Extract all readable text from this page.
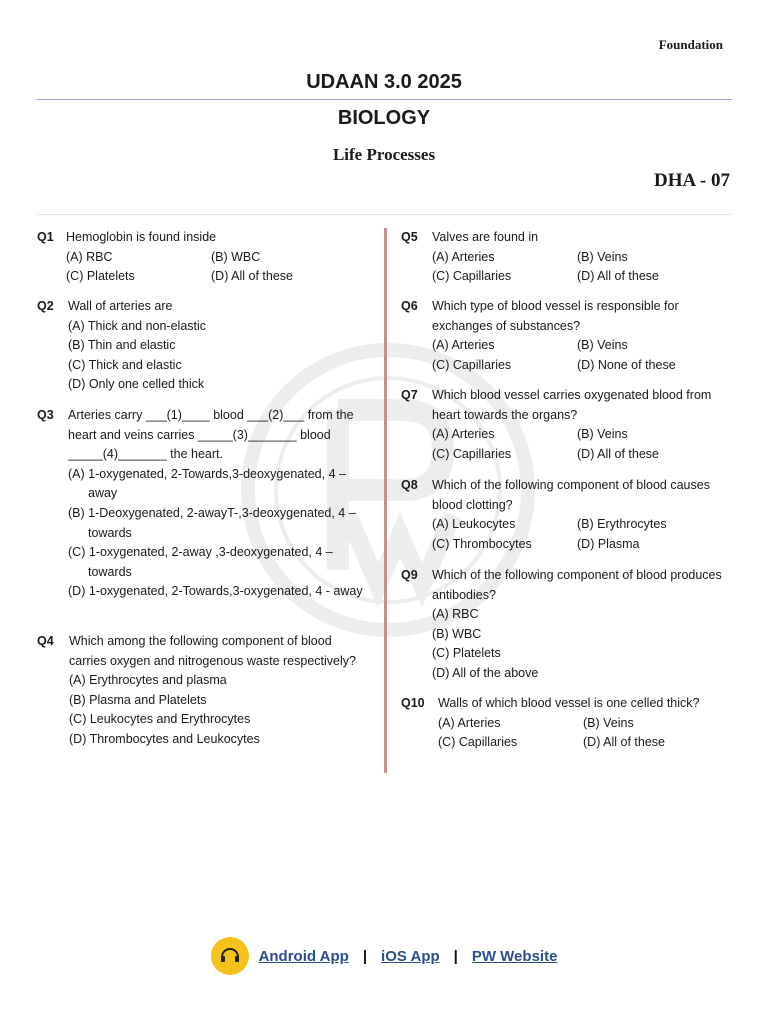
Foundation
UDAAN 3.0 2025
BIOLOGY
Life Processes
DHA - 07
Q1 Hemoglobin is found inside
(A) RBC	(B) WBC
(C) Platelets	(D) All of these
Q2 Wall of arteries are
(A) Thick and non-elastic
(B) Thin and elastic
(C) Thick and elastic
(D) Only one celled thick
Q3 Arteries carry ___(1)____ blood ___(2)___ from the heart and veins carries _____(3)_______ blood _____(4)_______ the heart.
(A) 1-oxygenated, 2-Towards,3-deoxygenated, 4 –away
(B) 1-Deoxygenated, 2-awayT-,3-deoxygenated, 4 –towards
(C) 1-oxygenated, 2-away ,3-deoxygenated, 4 – towards
(D) 1-oxygenated, 2-Towards,3-oxygenated, 4 - away
Q4 Which among the following component of blood carries oxygen and nitrogenous waste respectively?
(A) Erythrocytes and plasma
(B) Plasma and Platelets
(C) Leukocytes and Erythrocytes
(D) Thrombocytes and Leukocytes
Q5 Valves are found in
(A) Arteries	(B) Veins
(C) Capillaries	(D) All of these
Q6 Which type of blood vessel is responsible for exchanges of substances?
(A) Arteries	(B) Veins
(C) Capillaries	(D) None of these
Q7 Which blood vessel carries oxygenated blood from heart towards the organs?
(A) Arteries	(B) Veins
(C) Capillaries	(D) All of these
Q8 Which of the following component of blood causes blood clotting?
(A) Leukocytes	(B) Erythrocytes
(C) Thrombocytes	(D) Plasma
Q9 Which of the following component of blood produces antibodies?
(A) RBC
(B) WBC
(C) Platelets
(D) All of the above
Q10 Walls of which blood vessel is one celled thick?
(A) Arteries	(B) Veins
(C) Capillaries	(D) All of these
Android App | iOS App | PW Website
